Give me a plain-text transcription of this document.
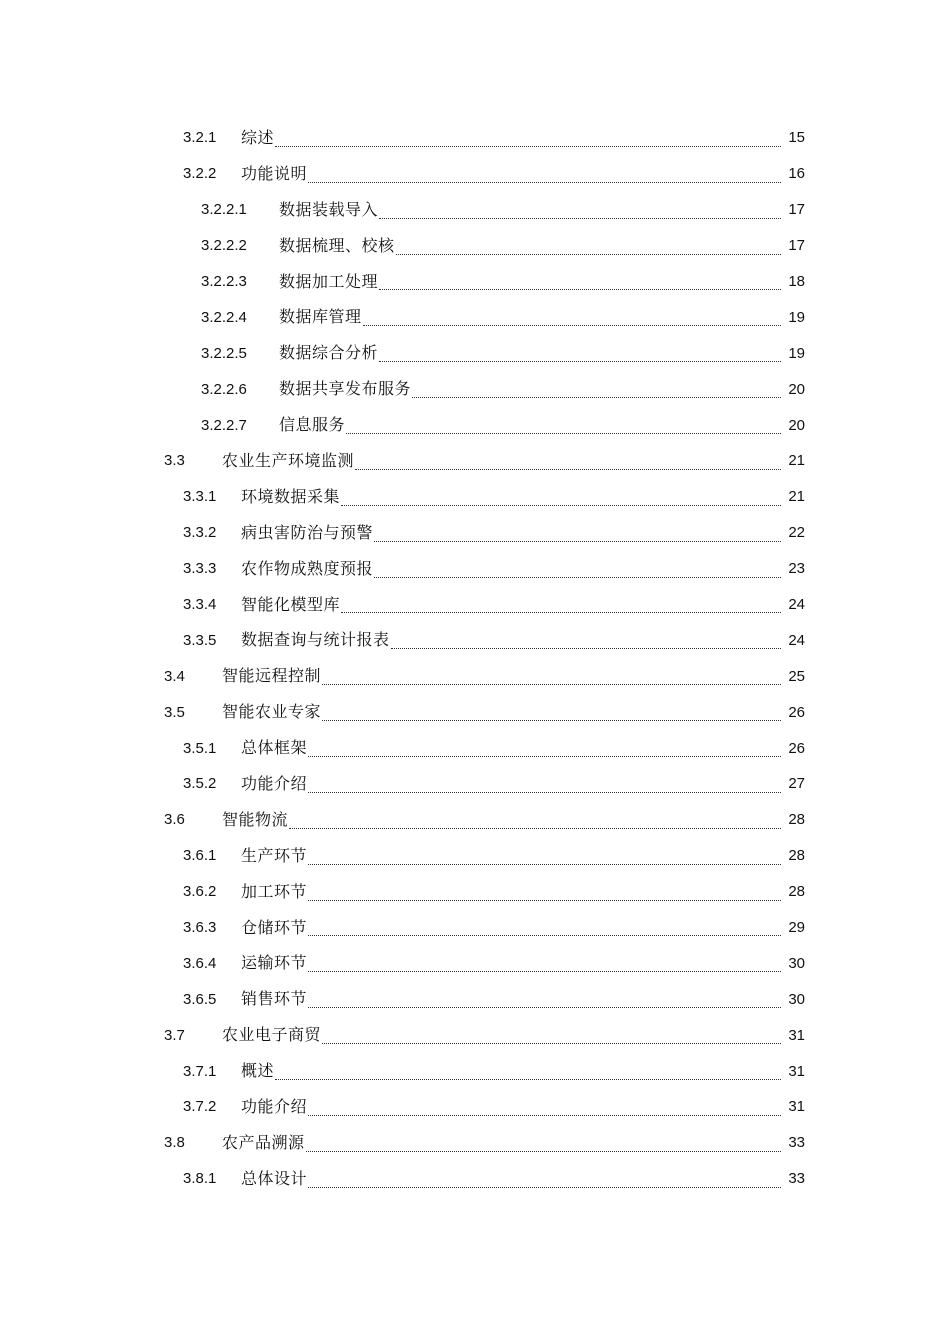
3.2.1	综述	15
3.2.2	功能说明	16
3.2.2.1	数据装载导入	17
3.2.2.2	数据梳理、校核	17
3.2.2.3	数据加工处理	18
3.2.2.4	数据库管理	19
3.2.2.5	数据综合分析	19
3.2.2.6	数据共享发布服务	20
3.2.2.7	信息服务	20
3.3	农业生产环境监测	21
3.3.1	环境数据采集	21
3.3.2	病虫害防治与预警	22
3.3.3	农作物成熟度预报	23
3.3.4	智能化模型库	24
3.3.5	数据查询与统计报表	24
3.4	智能远程控制	25
3.5	智能农业专家	26
3.5.1	总体框架	26
3.5.2	功能介绍	27
3.6	智能物流	28
3.6.1	生产环节	28
3.6.2	加工环节	28
3.6.3	仓储环节	29
3.6.4	运输环节	30
3.6.5	销售环节	30
3.7	农业电子商贸	31
3.7.1	概述	31
3.7.2	功能介绍	31
3.8	农产品溯源	33
3.8.1	总体设计	33
